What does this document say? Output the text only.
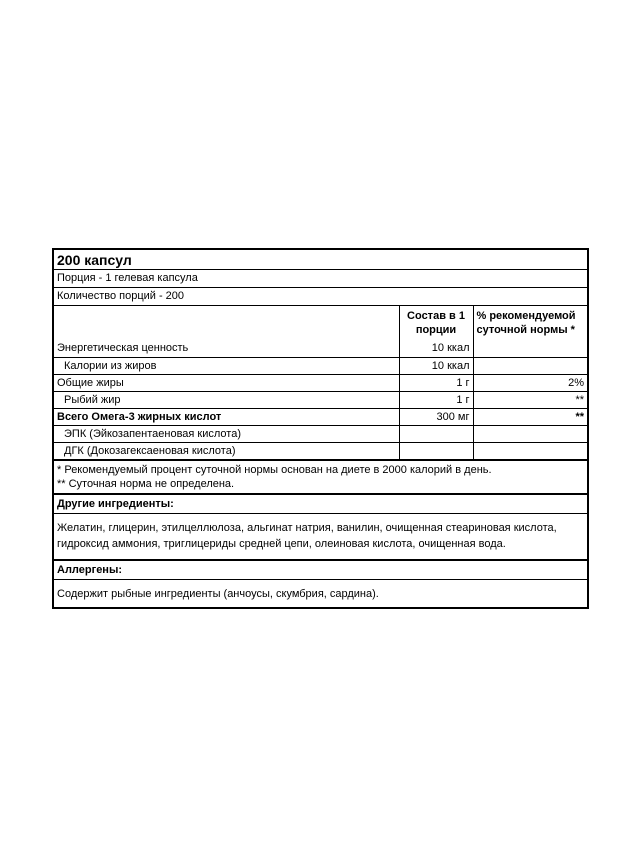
200 капсул
Порция - 1 гелевая капсула
Количество порций - 200
	Состав в 1 порции	% рекомендуемой суточной нормы *
Энергетическая ценность	10 ккал	
Калории из жиров	10 ккал	
Общие жиры	1 г	2%
Рыбий жир	1 г	**
Всего Омега-3 жирных кислот	300 мг	**
ЭПК (Эйкозапентаеновая кислота)		
ДГК (Докозагексаеновая кислота)		
* Рекомендуемый процент суточной нормы основан на диете в 2000 калорий в день.
** Суточная норма не определена.
Другие ингредиенты:
Желатин, глицерин, этилцеллюлоза, альгинат натрия, ванилин, очищенная стеариновая кислота, гидроксид аммония, триглицериды средней цепи, олеиновая кислота, очищенная вода.
Аллергены:
Содержит рыбные ингредиенты (анчоусы, скумбрия, сардина).
